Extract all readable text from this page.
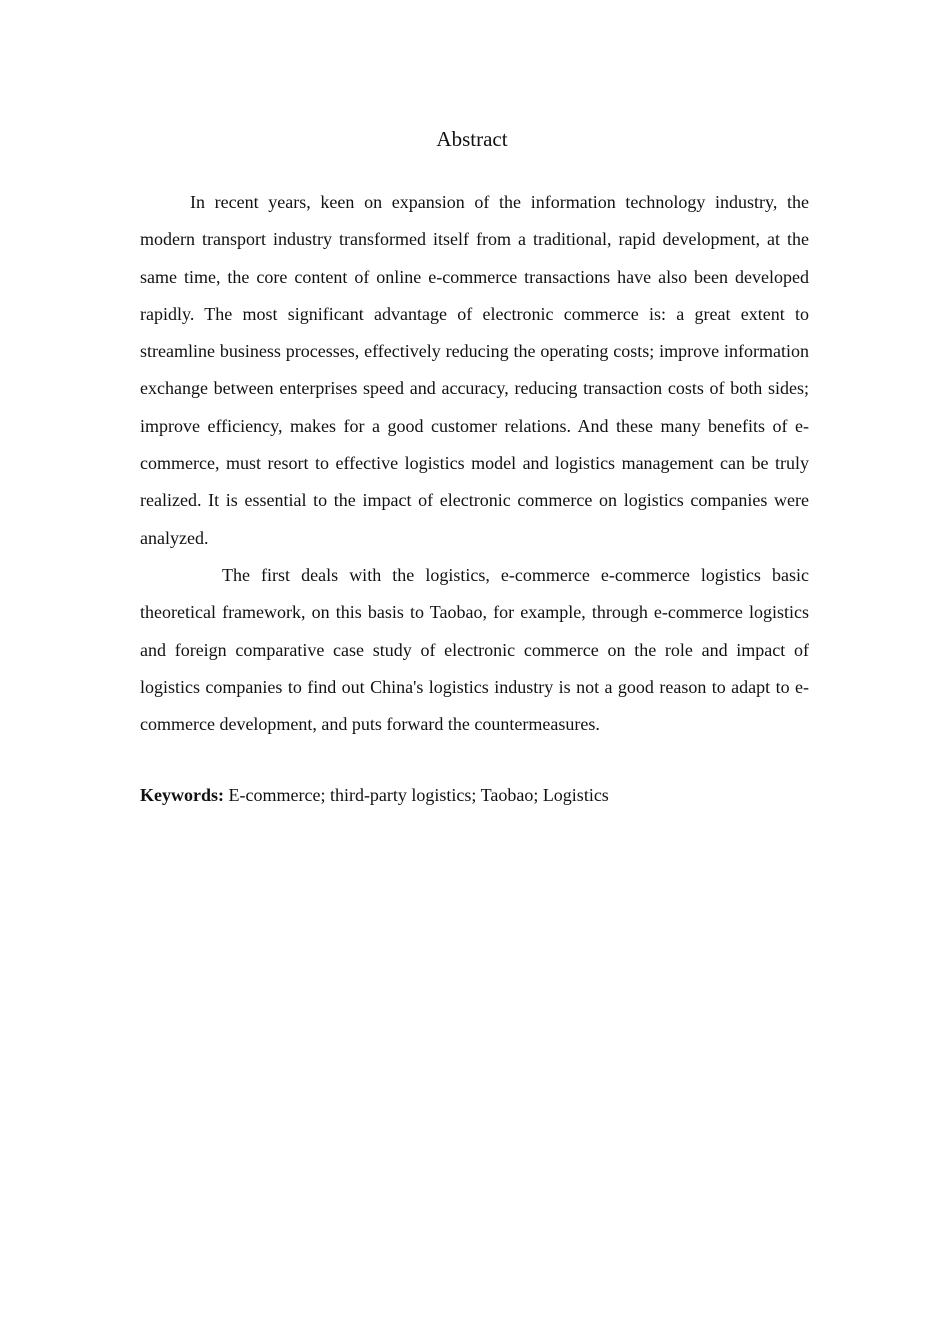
Abstract

In recent years, keen on expansion of the information technology industry, the modern transport industry transformed itself from a traditional, rapid development, at the same time, the core content of online e-commerce transactions have also been developed rapidly. The most significant advantage of electronic commerce is: a great extent to streamline business processes, effectively reducing the operating costs; improve information exchange between enterprises speed and accuracy, reducing transaction costs of both sides; improve efficiency, makes for a good customer relations. And these many benefits of e-commerce, must resort to effective logistics model and logistics management can be truly realized. It is essential to the impact of electronic commerce on logistics companies were analyzed.

The first deals with the logistics, e-commerce e-commerce logistics basic theoretical framework, on this basis to Taobao, for example, through e-commerce logistics and foreign comparative case study of electronic commerce on the role and impact of logistics companies to find out China's logistics industry is not a good reason to adapt to e-commerce development, and puts forward the countermeasures.

Keywords: E-commerce; third-party logistics; Taobao; Logistics
